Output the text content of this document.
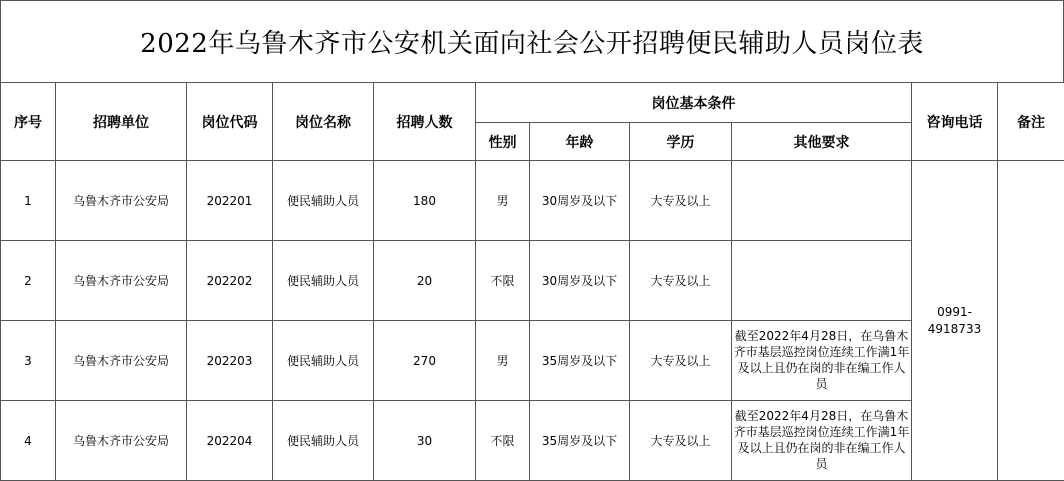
2022年乌鲁木齐市公安机关面向社会公开招聘便民辅助人员岗位表
序号	招聘单位	岗位代码	岗位名称	招聘人数	岗位基本条件				咨询电话	备注
					性别	年龄	学历	其他要求		
1	乌鲁木齐市公安局	202201	便民辅助人员	180	男	30周岁及以下	大专及以上		0991-
4918733	

2	乌鲁木齐市公安局	202202	便民辅助人员	20	不限	30周岁及以下	大专及以上			

3	乌鲁木齐市公安局	202203	便民辅助人员	270	男	35周岁及以下	大专及以上	截至2022年4月28日，在乌鲁木齐市基层巡控岗位连续工作满1年及以上且仍在岗的非在编工作人员		

4	乌鲁木齐市公安局	202204	便民辅助人员	30	不限	35周岁及以下	大专及以上	截至2022年4月28日，在乌鲁木齐市基层巡控岗位连续工作满1年及以上且仍在岗的非在编工作人员		
